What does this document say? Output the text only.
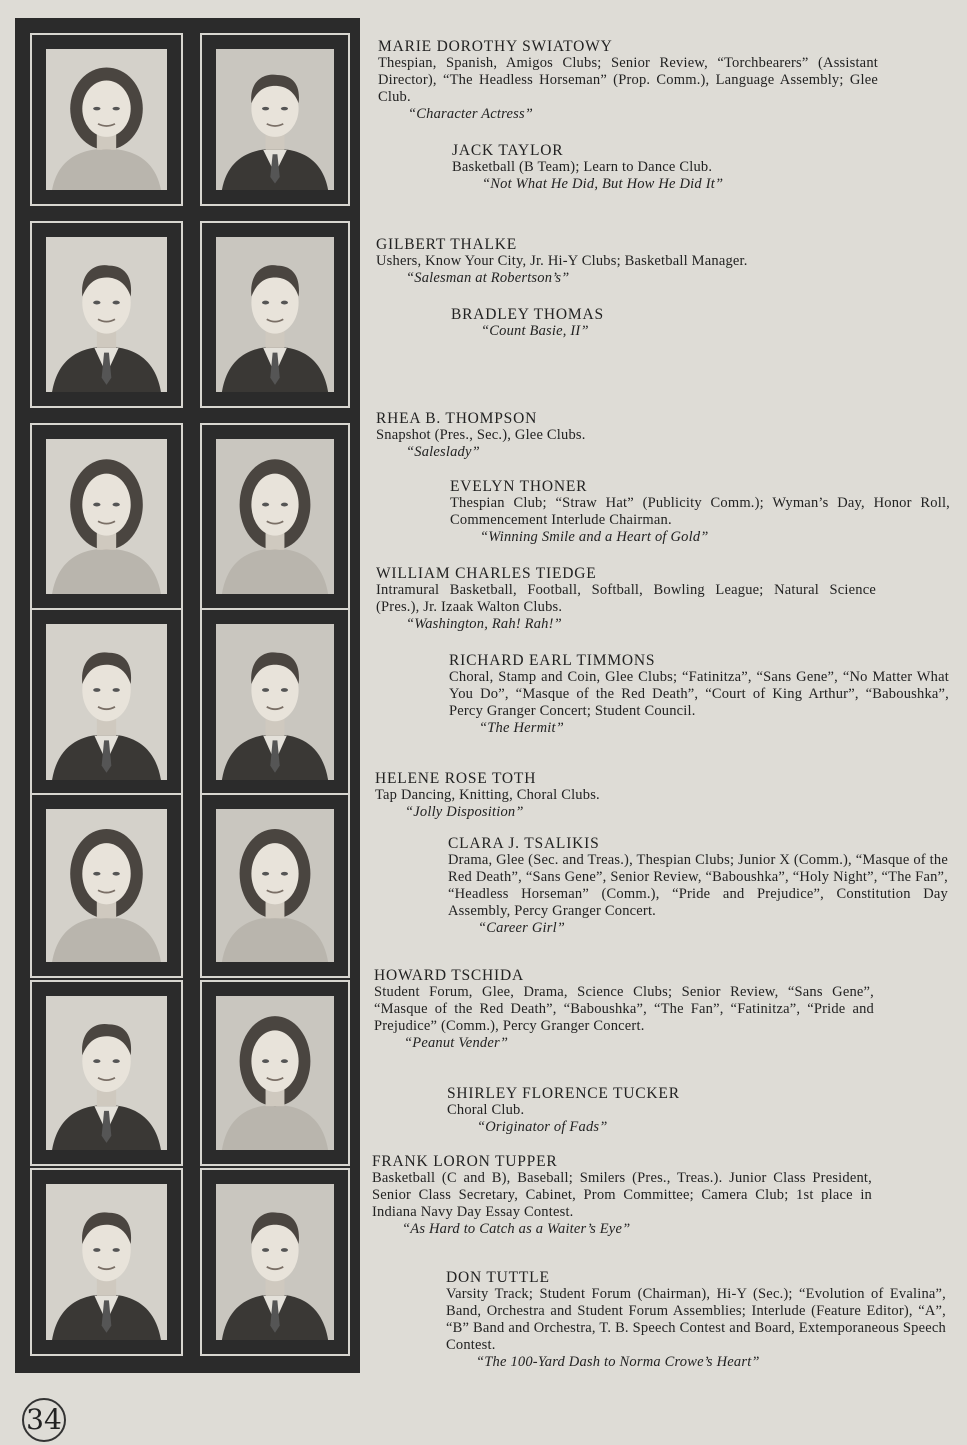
MARIE DOROTHY SWIATOWY
Thespian, Spanish, Amigos Clubs; Senior Review, “Torchbearers” (Assistant Director), “The Headless Horseman” (Prop. Comm.), Language Assembly; Glee Club.
“Character Actress”
JACK TAYLOR
Basketball (B Team); Learn to Dance Club.
“Not What He Did, But How He Did It”
GILBERT THALKE
Ushers, Know Your City, Jr. Hi-Y Clubs; Basketball Manager.
“Salesman at Robertson’s”
BRADLEY THOMAS
“Count Basie, II”
RHEA B. THOMPSON
Snapshot (Pres., Sec.), Glee Clubs.
“Saleslady”
EVELYN THONER
Thespian Club; “Straw Hat” (Publicity Comm.); Wyman’s Day, Honor Roll, Commencement Interlude Chairman.
“Winning Smile and a Heart of Gold”
WILLIAM CHARLES TIEDGE
Intramural Basketball, Football, Softball, Bowling League; Natural Science (Pres.), Jr. Izaak Walton Clubs.
“Washington, Rah! Rah!”
RICHARD EARL TIMMONS
Choral, Stamp and Coin, Glee Clubs; “Fatinitza”, “Sans Gene”, “No Matter What You Do”, “Masque of the Red Death”, “Court of King Arthur”, “Baboushka”, Percy Granger Concert; Student Council.
“The Hermit”
HELENE ROSE TOTH
Tap Dancing, Knitting, Choral Clubs.
“Jolly Disposition”
CLARA J. TSALIKIS
Drama, Glee (Sec. and Treas.), Thespian Clubs; Junior X (Comm.), “Masque of the Red Death”, “Sans Gene”, Senior Review, “Baboushka”, “Holy Night”, “The Fan”, “Headless Horseman” (Comm.), “Pride and Prejudice”, Constitution Day Assembly, Percy Granger Concert.
“Career Girl”
HOWARD TSCHIDA
Student Forum, Glee, Drama, Science Clubs; Senior Review, “Sans Gene”, “Masque of the Red Death”, “Baboushka”, “The Fan”, “Fatinitza”, “Pride and Prejudice” (Comm.), Percy Granger Concert.
“Peanut Vender”
SHIRLEY FLORENCE TUCKER
Choral Club.
“Originator of Fads”
FRANK LORON TUPPER
Basketball (C and B), Baseball; Smilers (Pres., Treas.). Junior Class President, Senior Class Secretary, Cabinet, Prom Committee; Camera Club; 1st place in Indiana Navy Day Essay Contest.
“As Hard to Catch as a Waiter’s Eye”
DON TUTTLE
Varsity Track; Student Forum (Chairman), Hi-Y (Sec.); “Evolution of Evalina”, Band, Orchestra and Student Forum Assemblies; Interlude (Feature Editor), “A”, “B” Band and Orchestra, T. B. Speech Contest and Board, Extemporaneous Speech Contest.
“The 100-Yard Dash to Norma Crowe’s Heart”
34
